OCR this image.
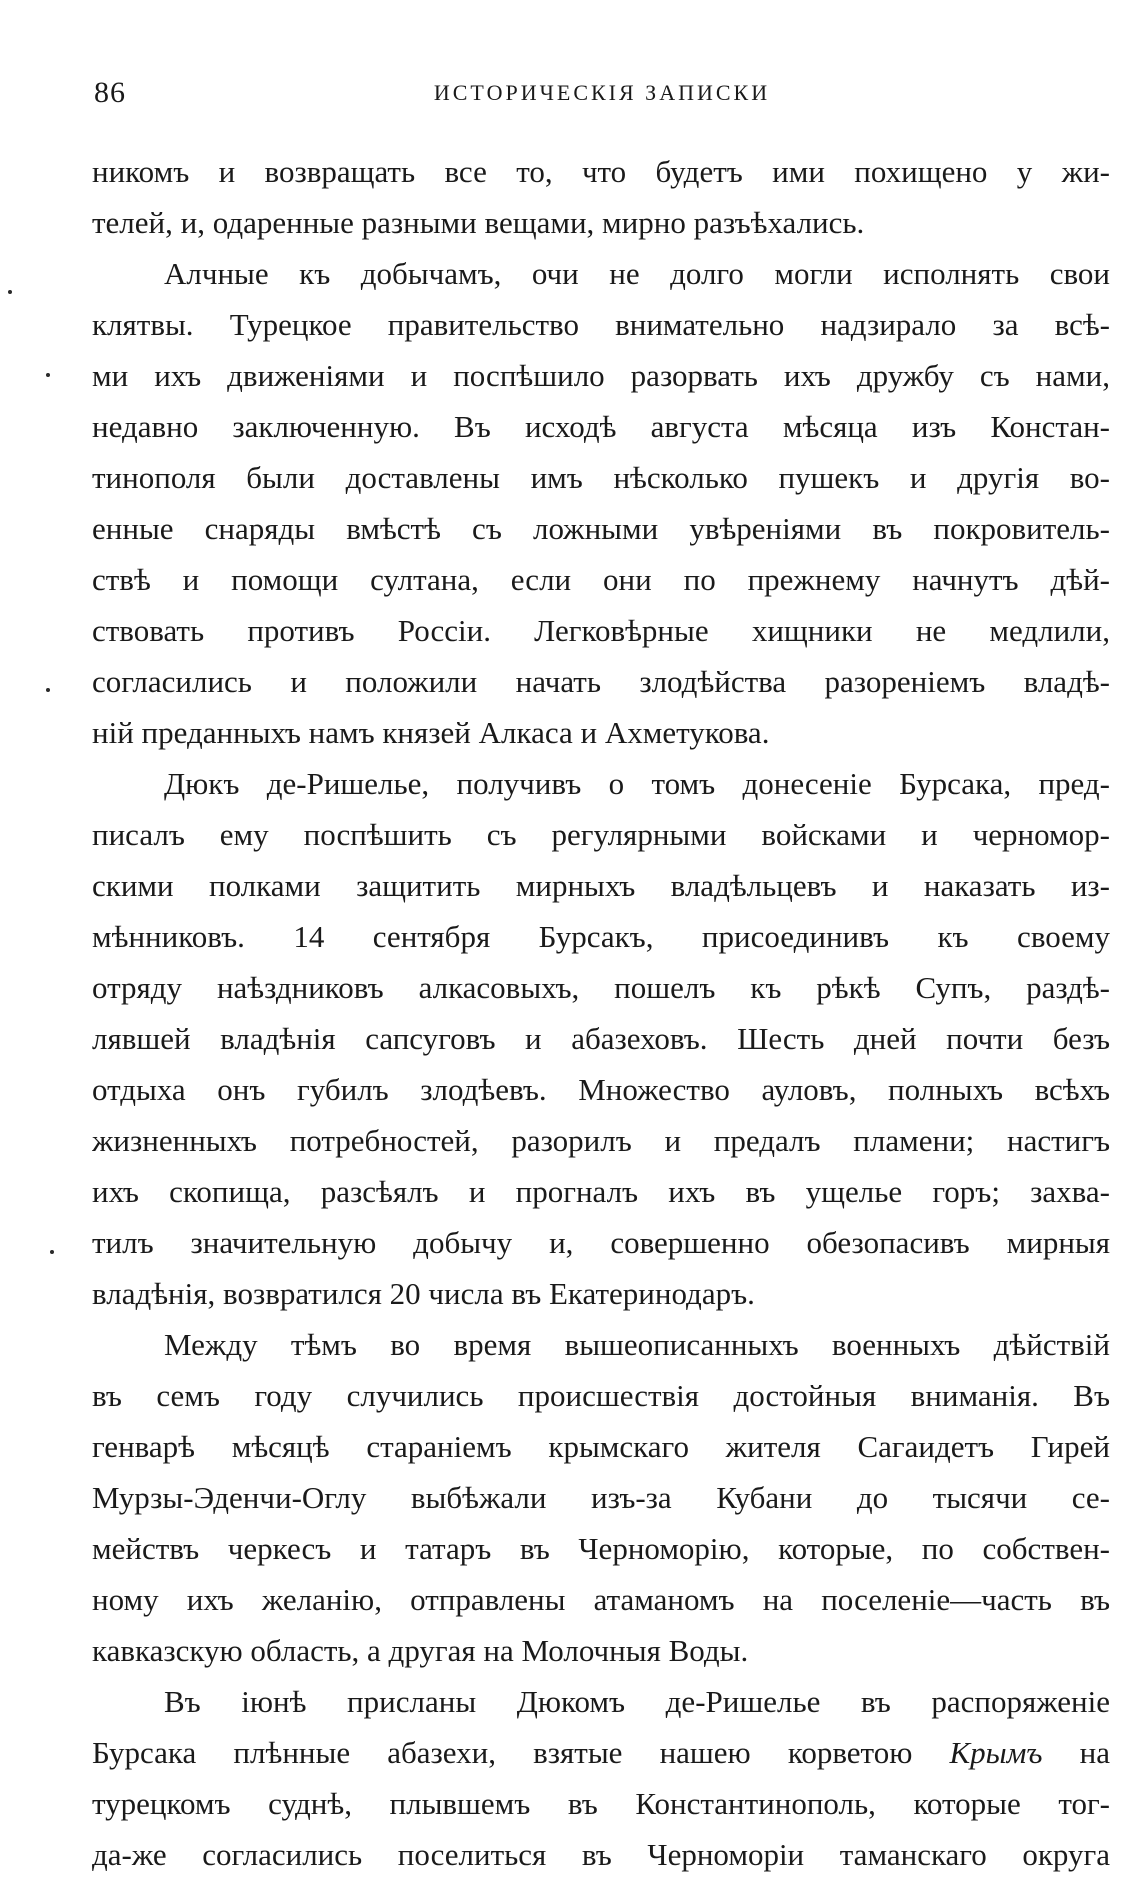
86	ИСТОРИЧЕСКІЯ ЗАПИСКИ
никомъ и возвращать все то, что будетъ ими похищено у жи-
телей, и, одаренные разными вещами, мирно разъѣхались.
Алчные къ добычамъ, очи не долго могли исполнять свои
клятвы. Турецкое правительство внимательно надзирало за всѣ-
ми ихъ движеніями и поспѣшило разорвать ихъ дружбу съ нами,
недавно заключенную. Въ исходѣ августа мѣсяца изъ Констан-
тинополя были доставлены имъ нѣсколько пушекъ и другія во-
енные снаряды вмѣстѣ съ ложными увѣреніями въ покровитель-
ствѣ и помощи султана, если они по прежнему начнутъ дѣй-
ствовать противъ Россіи. Легковѣрные хищники не медлили,
согласились и положили начать злодѣйства разореніемъ владѣ-
ній преданныхъ намъ князей Алкаса и Ахметукова.
Дюкъ де-Ришелье, получивъ о томъ донесеніе Бурсака, пред-
писалъ ему поспѣшить съ регулярными войсками и черномор-
скими полками защитить мирныхъ владѣльцевъ и наказать из-
мѣнниковъ. 14 сентября Бурсакъ, присоединивъ къ своему
отряду наѣздниковъ алкасовыхъ, пошелъ къ рѣкѣ Супъ, раздѣ-
лявшей владѣнія сапсуговъ и абазеховъ. Шесть дней почти безъ
отдыха онъ губилъ злодѣевъ. Множество ауловъ, полныхъ всѣхъ
жизненныхъ потребностей, разорилъ и предалъ пламени; настигъ
ихъ скопища, разсѣялъ и прогналъ ихъ въ ущелье горъ; захва-
тилъ значительную добычу и, совершенно обезопасивъ мирныя
владѣнія, возвратился 20 числа въ Екатеринодаръ.
Между тѣмъ во время вышеописанныхъ военныхъ дѣйствій
въ семъ году случились происшествія достойныя вниманія. Въ
генварѣ мѣсяцѣ стараніемъ крымскаго жителя Сагаидетъ Гирей
Мурзы-Эденчи-Оглу выбѣжали изъ-за Кубани до тысячи се-
мействъ черкесъ и татаръ въ Черноморію, которые, по собствен-
ному ихъ желанію, отправлены атаманомъ на поселеніе—часть въ
кавказскую область, а другая на Молочныя Воды.
Въ іюнѣ присланы Дюкомъ де-Ришелье въ распоряженіе
Бурсака плѣнные абазехи, взятые нашею корветою Крымъ на
турецкомъ суднѣ, плывшемъ въ Константинополь, которые тог-
да-же согласились поселиться въ Черноморіи таманскаго округа
